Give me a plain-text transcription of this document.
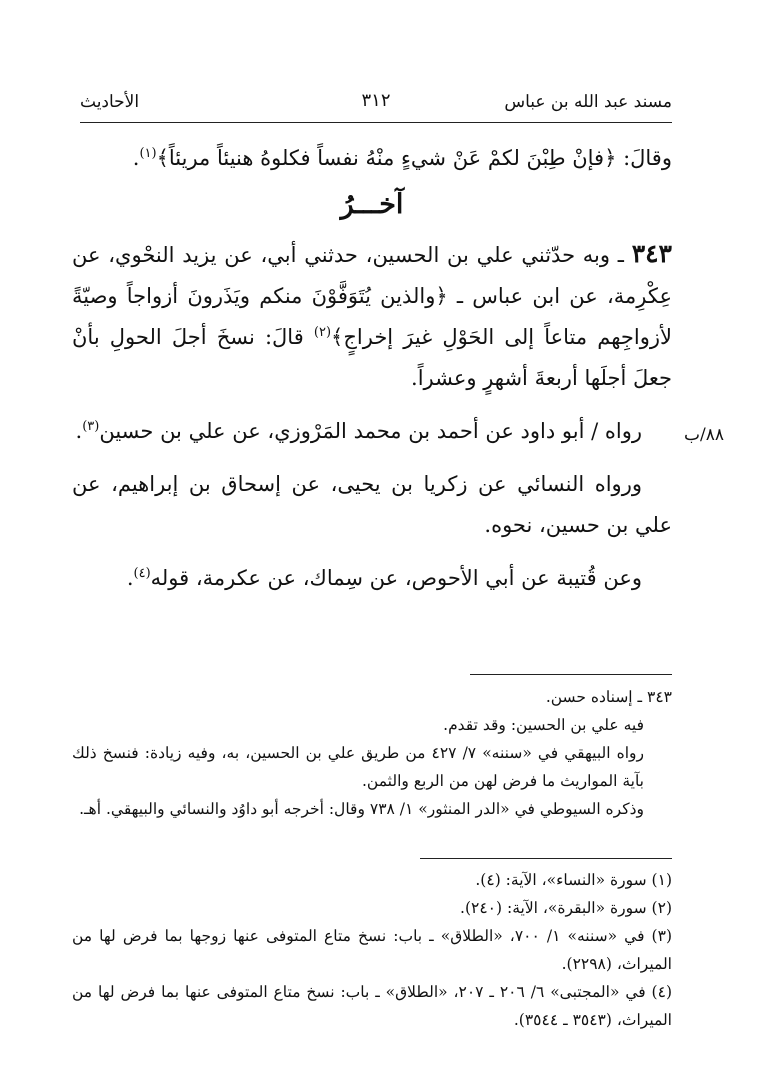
مسند عبد الله بن عباس
٣١٢
الأحاديث

وقالَ: ﴿فإنْ طِبْنَ لكمْ عَنْ شيءٍ منْهُ نفساً فكلوهُ هنيئاً مريئاً﴾$^{(١)}$.

آخـــرُ

٣٤٣ ـ وبه حدّثني علي بن الحسين، حدثني أبي، عن يزيد النحْوي، عن عِكْرِمة، عن ابن عباس ـ ﴿والذين يُتَوَفَّوْنَ منكم ويَذَرونَ أزواجاً وصيّةً لأزواجِهم متاعاً إلى الحَوْلِ غيرَ إخراجٍ﴾$^{(٢)}$ قالَ: نسخَ أجلَ الحولِ بأنْ جعلَ أجلَها أربعةَ أشهرٍ وعشراً.

رواه / أبو داود عن أحمد بن محمد المَرْوزي، عن علي بن حسين$^{(٣)}$.

ورواه النسائي عن زكريا بن يحيى، عن إسحاق بن إبراهيم، عن علي بن حسين، نحوه.

وعن قُتيبة عن أبي الأحوص، عن سِماك، عن عكرمة، قوله$^{(٤)}$.

٨٨/ب

٣٤٣ ـ إسناده حسن.

فيه علي بن الحسين: وقد تقدم.

رواه البيهقي في «سننه» ٧/ ٤٢٧ من طريق علي بن الحسين، به، وفيه زيادة: فنسخ ذلك بآية المواريث ما فرض لهن من الربع والثمن.

وذكره السيوطي في «الدر المنثور» ١/ ٧٣٨ وقال: أخرجه أبو داوُد والنسائي والبيهقي. أهـ.

(١) سورة «النساء»، الآية: (٤).

(٢) سورة «البقرة»، الآية: (٢٤٠).

(٣) في «سننه» ١/ ٧٠٠، «الطلاق» ـ باب: نسخ متاع المتوفى عنها زوجها بما فرض لها من الميراث، (٢٢٩٨).

(٤) في «المجتبى» ٦/ ٢٠٦ ـ ٢٠٧، «الطلاق» ـ باب: نسخ متاع المتوفى عنها بما فرض لها من الميراث، (٣٥٤٣ ـ ٣٥٤٤).
